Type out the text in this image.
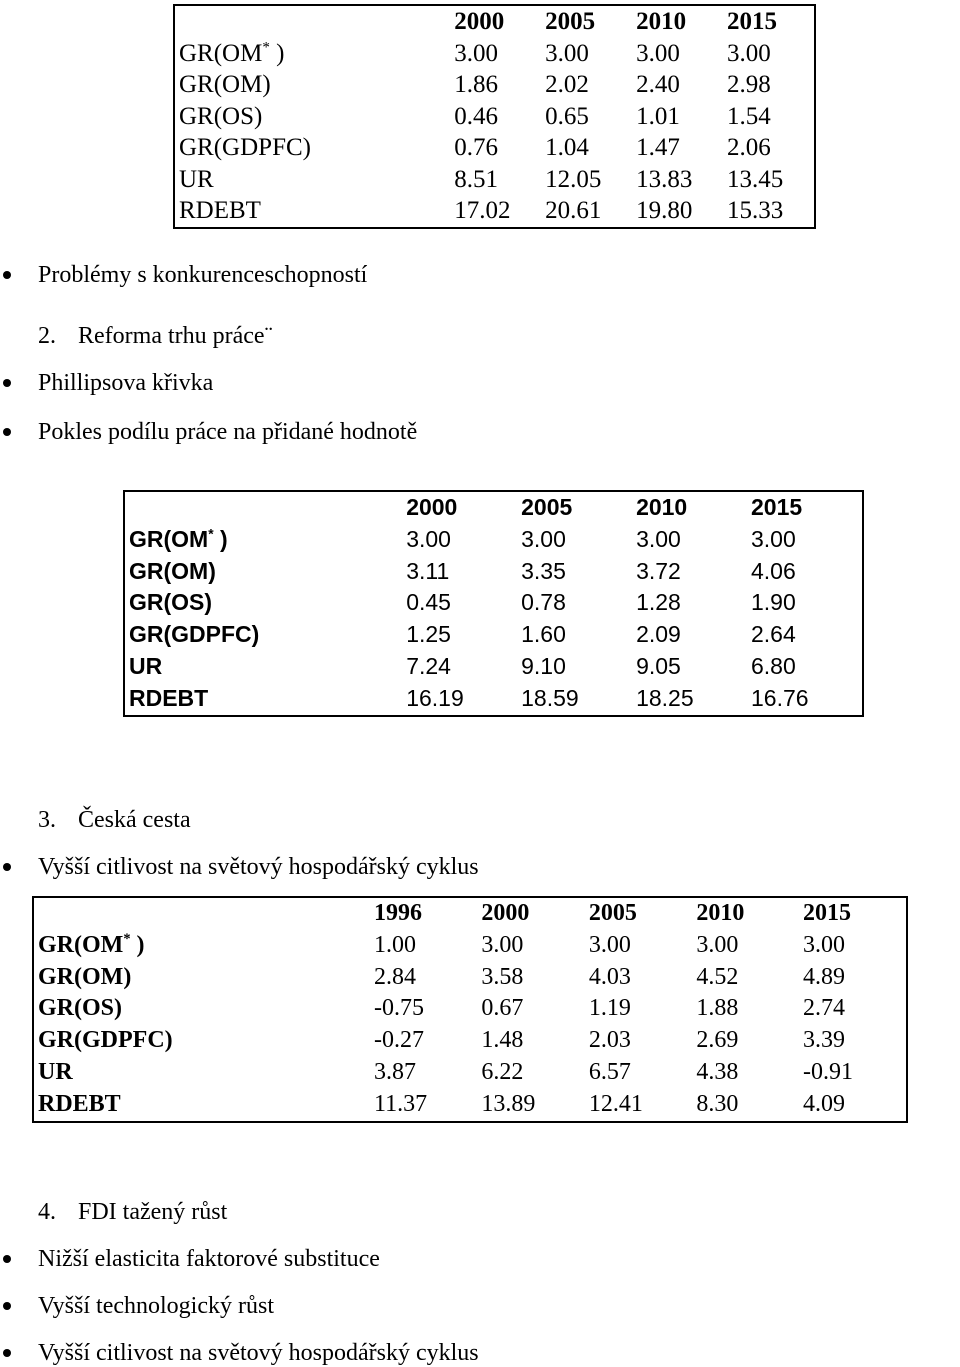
	2000	2005	2010	2015
GR(OM* )	3.00	3.00	3.00	3.00
GR(OM)	1.86	2.02	2.40	2.98
GR(OS)	0.46	0.65	1.01	1.54
GR(GDPFC)	0.76	1.04	1.47	2.06
UR	8.51	12.05	13.83	13.45
RDEBT	17.02	20.61	19.80	15.33
Problémy s konkurenceschopností
2. Reforma trhu práce¨
Phillipsova křivka
Pokles podílu práce na přidané hodnotě
	2000	2005	2010	2015
GR(OM* )	3.00	3.00	3.00	3.00
GR(OM)	3.11	3.35	3.72	4.06
GR(OS)	0.45	0.78	1.28	1.90
GR(GDPFC)	1.25	1.60	2.09	2.64
UR	7.24	9.10	9.05	6.80
RDEBT	16.19	18.59	18.25	16.76
3. Česká cesta
Vyšší citlivost na světový hospodářský cyklus
	1996	2000	2005	2010	2015
GR(OM* )	1.00	3.00	3.00	3.00	3.00
GR(OM)	2.84	3.58	4.03	4.52	4.89
GR(OS)	-0.75	0.67	1.19	1.88	2.74
GR(GDPFC)	-0.27	1.48	2.03	2.69	3.39
UR	3.87	6.22	6.57	4.38	-0.91
RDEBT	11.37	13.89	12.41	8.30	4.09
4. FDI tažený růst
Nižší elasticita faktorové substituce
Vyšší technologický růst
Vyšší citlivost na světový hospodářský cyklus
